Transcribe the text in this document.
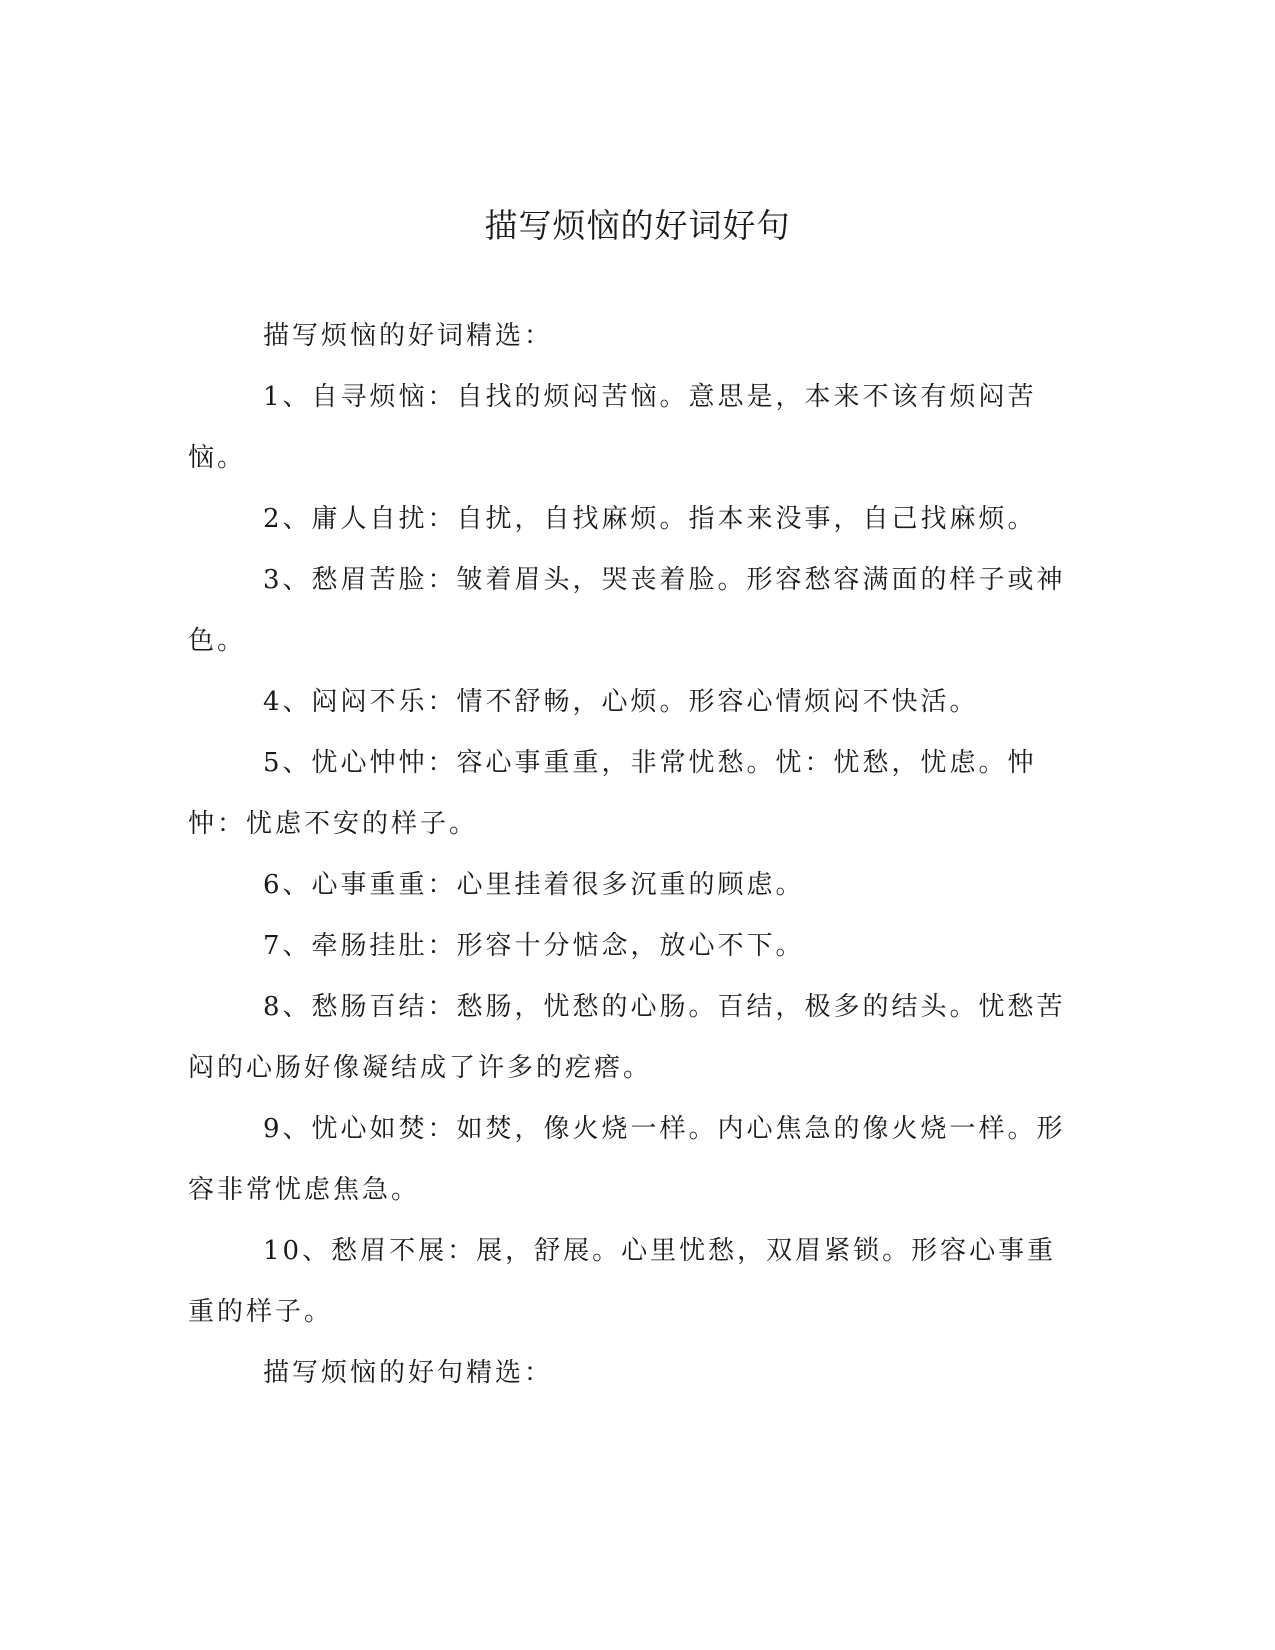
描写烦恼的好词好句

描写烦恼的好词精选：

1、自寻烦恼：自找的烦闷苦恼。意思是，本来不该有烦闷苦恼。

2、庸人自扰：自扰，自找麻烦。指本来没事，自己找麻烦。

3、愁眉苦脸：皱着眉头，哭丧着脸。形容愁容满面的样子或神色。

4、闷闷不乐：情不舒畅，心烦。形容心情烦闷不快活。

5、忧心忡忡：容心事重重，非常忧愁。忧：忧愁，忧虑。忡忡：忧虑不安的样子。

6、心事重重：心里挂着很多沉重的顾虑。

7、牵肠挂肚：形容十分惦念，放心不下。

8、愁肠百结：愁肠，忧愁的心肠。百结，极多的结头。忧愁苦闷的心肠好像凝结成了许多的疙瘩。

9、忧心如焚：如焚，像火烧一样。内心焦急的像火烧一样。形容非常忧虑焦急。

10、愁眉不展：展，舒展。心里忧愁，双眉紧锁。形容心事重重的样子。

描写烦恼的好句精选：
